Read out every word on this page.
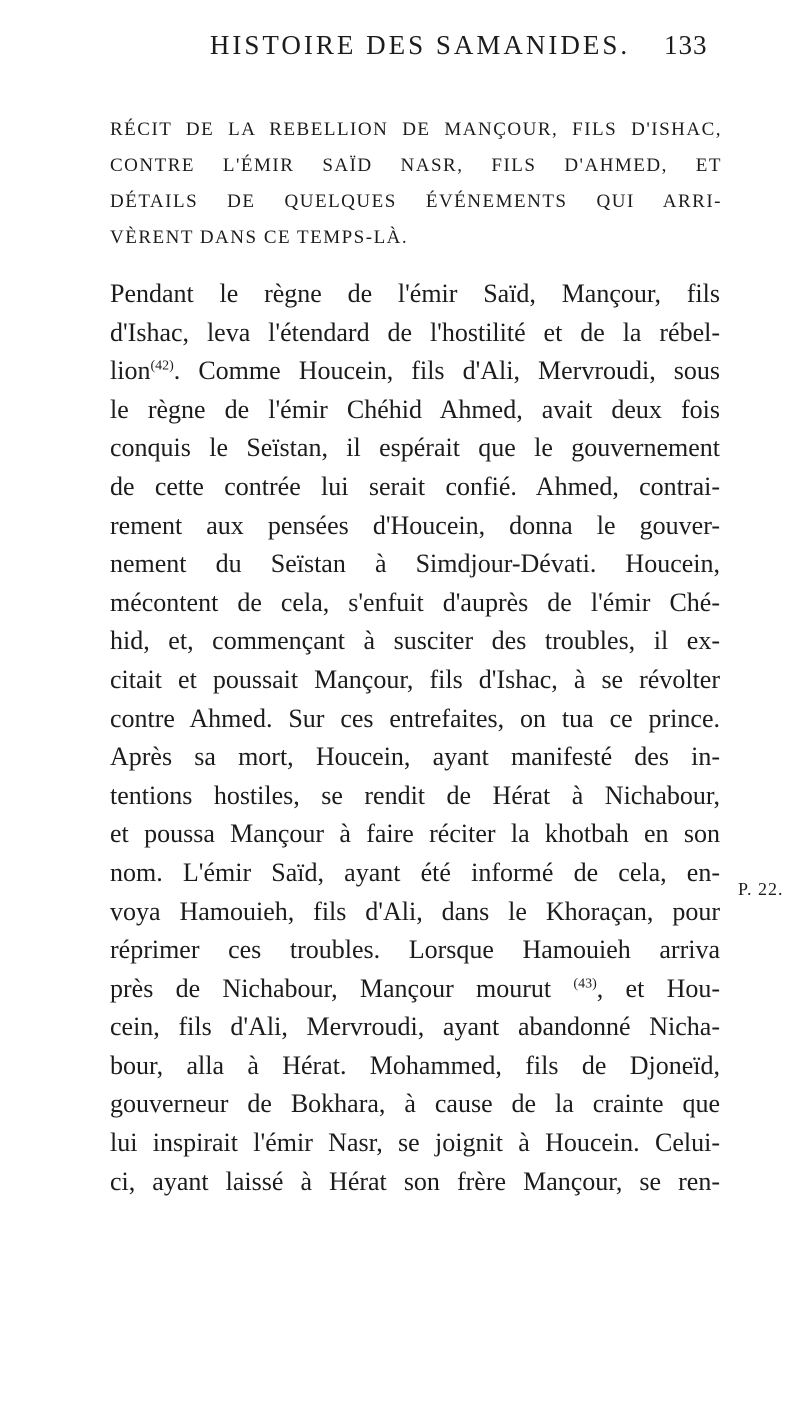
HISTOIRE DES SAMANIDES.	133
RÉCIT DE LA REBELLION DE MANÇOUR, FILS D'ISHAC,
CONTRE L'ÉMIR SAÏD NASR, FILS D'AHMED, ET
DÉTAILS DE QUELQUES ÉVÉNEMENTS QUI ARRI-
VÈRENT DANS CE TEMPS-LÀ.
Pendant le règne de l'émir Saïd, Mançour, fils
d'Ishac, leva l'étendard de l'hostilité et de la rébel-
lion$^{(42)}$. Comme Houcein, fils d'Ali, Mervroudi, sous
le règne de l'émir Chéhid Ahmed, avait deux fois
conquis le Seïstan, il espérait que le gouvernement
de cette contrée lui serait confié. Ahmed, contrai-
rement aux pensées d'Houcein, donna le gouver-
nement du Seïstan à Simdjour-Dévati. Houcein,
mécontent de cela, s'enfuit d'auprès de l'émir Ché-
hid, et, commençant à susciter des troubles, il ex-
citait et poussait Mançour, fils d'Ishac, à se révolter
contre Ahmed. Sur ces entrefaites, on tua ce prince.
Après sa mort, Houcein, ayant manifesté des in-
tentions hostiles, se rendit de Hérat à Nichabour,
et poussa Mançour à faire réciter la khotbah en son
nom. L'émir Saïd, ayant été informé de cela, en-
voya Hamouieh, fils d'Ali, dans le Khoraçan, pour
réprimer ces troubles. Lorsque Hamouieh arriva
près de Nichabour, Mançour mourut $^{(43)}$, et Hou-
cein, fils d'Ali, Mervroudi, ayant abandonné Nicha-
bour, alla à Hérat. Mohammed, fils de Djoneïd,
gouverneur de Bokhara, à cause de la crainte que
lui inspirait l'émir Nasr, se joignit à Houcein. Celui-
ci, ayant laissé à Hérat son frère Mançour, se ren-
P. 22.
